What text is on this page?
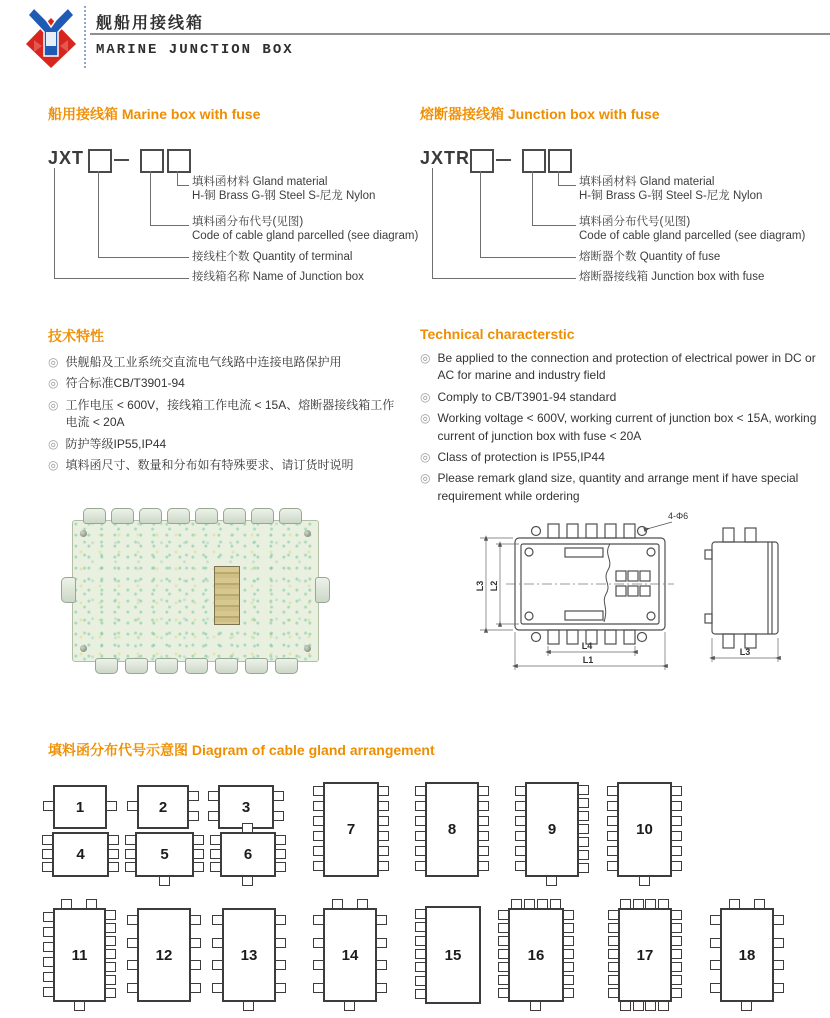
舰船用接线箱
MARINE JUNCTION BOX
船用接线箱 Marine box with fuse	熔断器接线箱 Junction box with fuse
JXT
填料函材料 Gland material
H-铜 Brass G-钢 Steel S-尼龙 Nylon
填料函分布代号(见图)
Code of cable gland parcelled (see diagram)
接线柱个数 Quantity of terminal
接线箱名称 Name of Junction box
JXTR
填料函材料 Gland material
H-铜 Brass G-钢 Steel S-尼龙 Nylon
填料函分布代号(见图)
Code of cable gland parcelled (see diagram)
熔断器个数 Quantity of fuse
熔断器接线箱 Junction box with fuse
技术特性
◎ 供舰船及工业系统交直流电气线路中连接电路保护用
◎ 符合标准CB/T3901-94
◎ 工作电压 < 600V，接线箱工作电流 < 15A、熔断器接线箱工作电流 < 20A
◎ 防护等级IP55,IP44
◎ 填料函尺寸、数量和分布如有特殊要求、请订货时说明
Technical characterstic
◎ Be applied to the connection and protection of electrical power in DC or AC for marine and industry field
◎ Comply to CB/T3901-94 standard
◎ Working voltage < 600V, working current of junction box < 15A, working current of junction box with fuse < 20A
◎ Class of protection is IP55,IP44
◎ Please remark gland size, quantity and arrange ment if have special requirement while ordering
4-Φ6
L4
L1
L3 L2
L3
填料函分布代号示意图 Diagram of cable gland arrangement
1	2	3
4	5	6
7	8	9	10
11	12	13	14	15	16	17	18
